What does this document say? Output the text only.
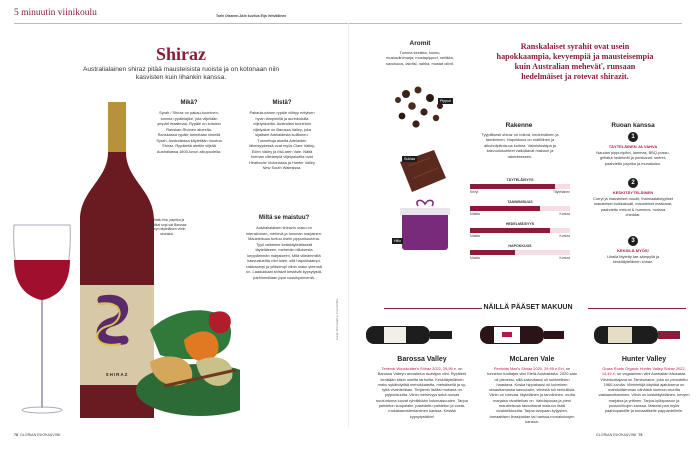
5 minuutin viinikoulu	Tarhi Olsanen-Akin kuvitus Eija Vehviläinen
Shiraz
Australialainen shiraz pitää mausteisista ruoista ja on kotonaan niin kasvisten kuin lihankin kanssa.
Mikä?
Syrah / Shiraz on pakau-kuoninen, tumma rypälelajike, jota viljellään ympäri maailmaa. Rypäle on kotoisin Ranskan Rhônen alueelta. Ranskassa rypäle tunnetaan nimellä Syrah, Australiassa käytetään muotoa Shiraz. Rypälettä alettiin viljellä Australiassa 1800-luvun alkupuolella.
Mistä?
Pakaukuorinen rypäle viihtyy erityisen hyvin lämpimillä ja aurinkoisilla viljelyalueilla. Australian tunnetuin viljelyalue on Barossa Valley, joka sijaitsee Adelaidesta koilliseen. Tunnettuja alueita Adelaiden läheisyydessä ovat myös Clare Valley, Eden Valley ja McLaren Vale. Näitä hieman viileämpiä viljelyalueita ovat Heathcote Victoriassa ja Hunter Valley New South Walesissa.
Miltä se maistuu?
Australialaisen shirazin maku on intensiivinen, mehevä ja tumman marjainen. Mausteisuus tuntuu usein pippurisuutena. Tyyli vaihtelee keskitäyteläisestä täyteläiseen, mehevän hilloisesta keppiämmän marjaiseen. Mitä viileämmiltä kasvualueilta viini tulee, sitä hapokkaampi, raikkaampi ja yrttisempi viinin maku yleensä on. Laadukkaat shirazit kestävät kypsytystä, parhimmillaan jopa vuosikymmeniä.
Grillattu liha, paprika ja mustikat sopi-vat Barossa Valleyn täyteläisen viinin seuraksi.
SHIRAZ
Kuvat: Viinimaailma, Fruuhii Olbu
Aromit
Tumma kirsikka, luumu, mustaviinimarja, mustapippuri, neilikka, savuisuus, lakritsi, nahka, mustat oliivit.
Pippuri
Suklaa
Hillo
Ranskalaiset syrahit ovat usein hapokkaampia, kevyempiä ja mausteisempia kuin Australian meheväť, runsaan hedelmäiset ja rotevat shirazit.
Rakenne
Tyypillisesti shiraz on rotevä, hedelmäinen ja tanniininen. Hapokkuus on maltillinen ja alkoholipitoisuus korkea. Valmistustapa ja kasvuolosuhteet vaikuttavat makuun ja rakenteeseen.
TÄYTELÄISYYS
Kevyt	Täyteläinen
TANNIINISUUS
Matala	Korkea
HEDELMÄISYYS
Matala	Korkea
HAPOKKUUS
Matala	Korkea
Ruoan kanssa
1
TÄYTELÄINEN JA VAHVA
Naudan pippuripihvi, lammas, BBQ-possu, grillatut hedelmät ja porkkanat, seeret, paahdettu paprika ja munakoiso.
2
KESKITÄYTELÄINEN
Curryt ja mausteiset nuudit, thaimaalaistyyliset mausteiset bulkkakuati, mausteiset makkarat, paahdettu meloni & hummus, ruoissa cheddar.
3
KEKSILÄ MYÖS!
Lihalla täytetty tae-sämpyllä ja keskitäyteläinen shiraz.
NÄILLÄ PÄÄSET MAKUUN
Barossa Valley
Terlerok Woodcutter's Shiraz 2022, 29,99 e, on Barossa Valleyn arvostetun tuottajan viini. Rypäleet kerätään käsin useilta tarhoilta. Keskitäyteläinen maku sykähdyttää mehukkaastta, metsäisellä ja sy-tyttä vivahteillaan. Timjamin lisäksi mukana on pippurisuutta. Viinin mehevyys sekä runsas suutuntuma luovat ryhdikkään kokonaisuuden. Tarjoa paistetun kuupalalin, paahdettu paistetun ja costa-ruokakasvistentaminen kanssa. Kestää kypsytystäkin!
McLaren Vale
Penfolds Max's Shiraz 2020, 29,99 e Evl, on tunnetun tuottajan viini Etelä-Australiasta. 2020 sato oli pieneksi, sillä kasvukausi oli suhteellisen haastava. Koska hippakausi oli kuiveinen oksauttamassa kasvuusiin, viinestä tuli herkullisia. Viinin on rotevaa, täyteläinen ja tanniininen, mutta marjaisa vivahteikas on. Vahdapuuaa ja pieni mausteisuus tasoottavat makuun lisää vivahteikkuutta. Tarjoa lampaan-kyljysten, tomaattisen linssipadan tai harissa-munakoisojen kanssa.
Hunter Valley
Grass Roots Organic Hunter Valley Shiraz 2022, 14,49 e, on vegaaninen viini Australian itäosasta. Viinintuottajana on Tamburlaine, joka on perustettu 1960-luvulla. Viinintekijä käyttää ajatuksena on mahdollisimman vähäistä luonnon-muutta vastaanottaminen. Viinin on keskitäyteläinen, kevyen marjaisa ja yrttinen. Tarjoa kylkipossun ja possunlihojen kanssa. Makeisi pari myös paahtopaistille ja tomaattiselle pappardellelle.
78 GLORIAN RUOKA&VIINI	GLORIAN RUOKA&VIINI 79
